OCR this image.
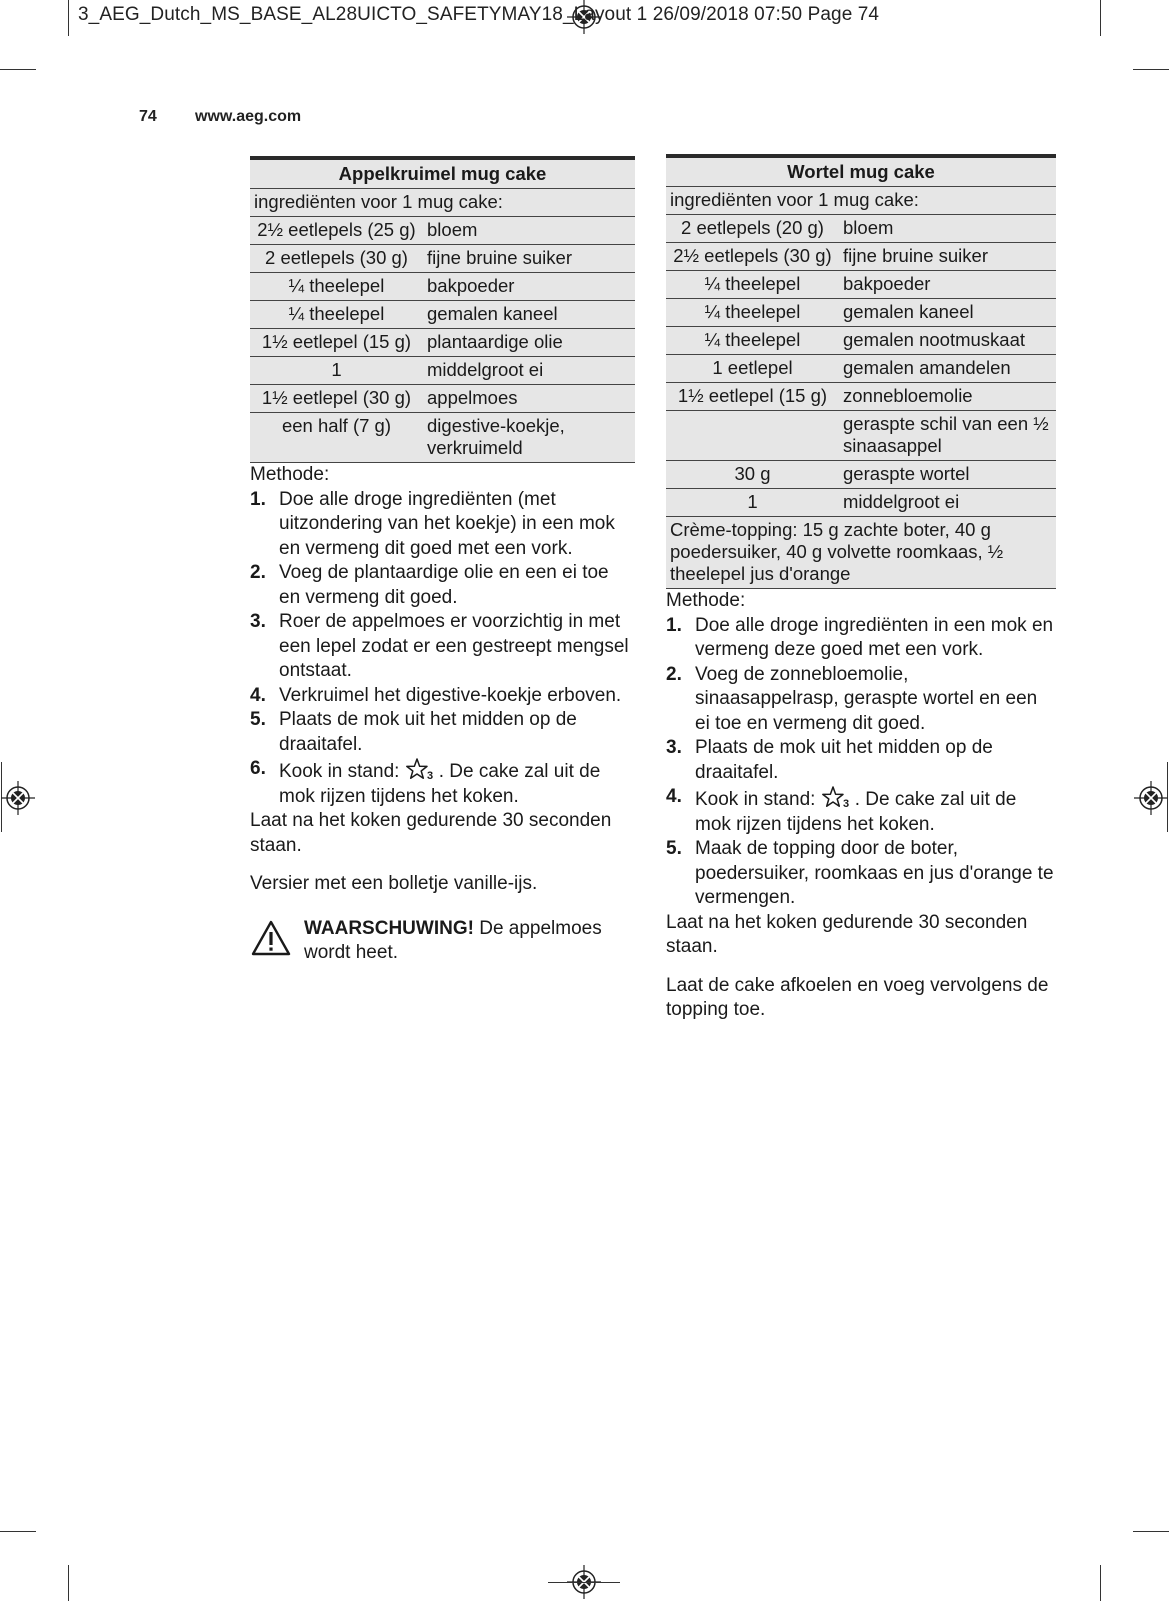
3_AEG_Dutch_MS_BASE_AL28UICTO_SAFETYMAY18_Layout 1 26/09/2018 07:50 Page 74
74 www.aeg.com
Appelkruimel mug cake	
ingrediënten voor 1 mug cake:	
2½ eetlepels (25 g)	bloem
2 eetlepels (30 g)	fijne bruine suiker
¼ theelepel	bakpoeder
¼ theelepel	gemalen kaneel
1½ eetlepel (15 g)	plantaardige olie
1	middelgroot ei
1½ eetlepel (30 g)	appelmoes
een half (7 g)	digestive-koekje, verkruimeld

Methode:

1. Doe alle droge ingrediënten (met uitzondering van het koekje) in een mok en vermeng dit goed met een vork.
2. Voeg de plantaardige olie en een ei toe en vermeng dit goed.
3. Roer de appelmoes er voorzichtig in met een lepel zodat er een gestreept mengsel ontstaat.
4. Verkruimel het digestive-koekje erboven.
5. Plaats de mok uit het midden op de draaitafel.
6. Kook in stand: 3 . De cake zal uit de mok rijzen tijdens het koken.

Laat na het koken gedurende 30 seconden staan.

Versier met een bolletje vanille-ijs.

WAARSCHUWING! De appelmoes wordt heet.
Wortel mug cake	
ingrediënten voor 1 mug cake:	
2 eetlepels (20 g)	bloem
2½ eetlepels (30 g)	fijne bruine suiker
¼ theelepel	bakpoeder
¼ theelepel	gemalen kaneel
¼ theelepel	gemalen nootmuskaat
1 eetlepel	gemalen amandelen
1½ eetlepel (15 g)	zonnebloemolie
	geraspte schil van een ½ sinaasappel
30 g	geraspte wortel
1	middelgroot ei
Crème-topping: 15 g zachte boter, 40 g poedersuiker, 40 g volvette roomkaas, ½ theelepel jus d'orange	

Methode:

1. Doe alle droge ingrediënten in een mok en vermeng deze goed met een vork.
2. Voeg de zonnebloemolie, sinaasappelrasp, geraspte wortel en een ei toe en vermeng dit goed.
3. Plaats de mok uit het midden op de draaitafel.
4. Kook in stand: 3 . De cake zal uit de mok rijzen tijdens het koken.
5. Maak de topping door de boter, poedersuiker, roomkaas en jus d'orange te vermengen.

Laat na het koken gedurende 30 seconden staan.

Laat de cake afkoelen en voeg vervolgens de topping toe.
